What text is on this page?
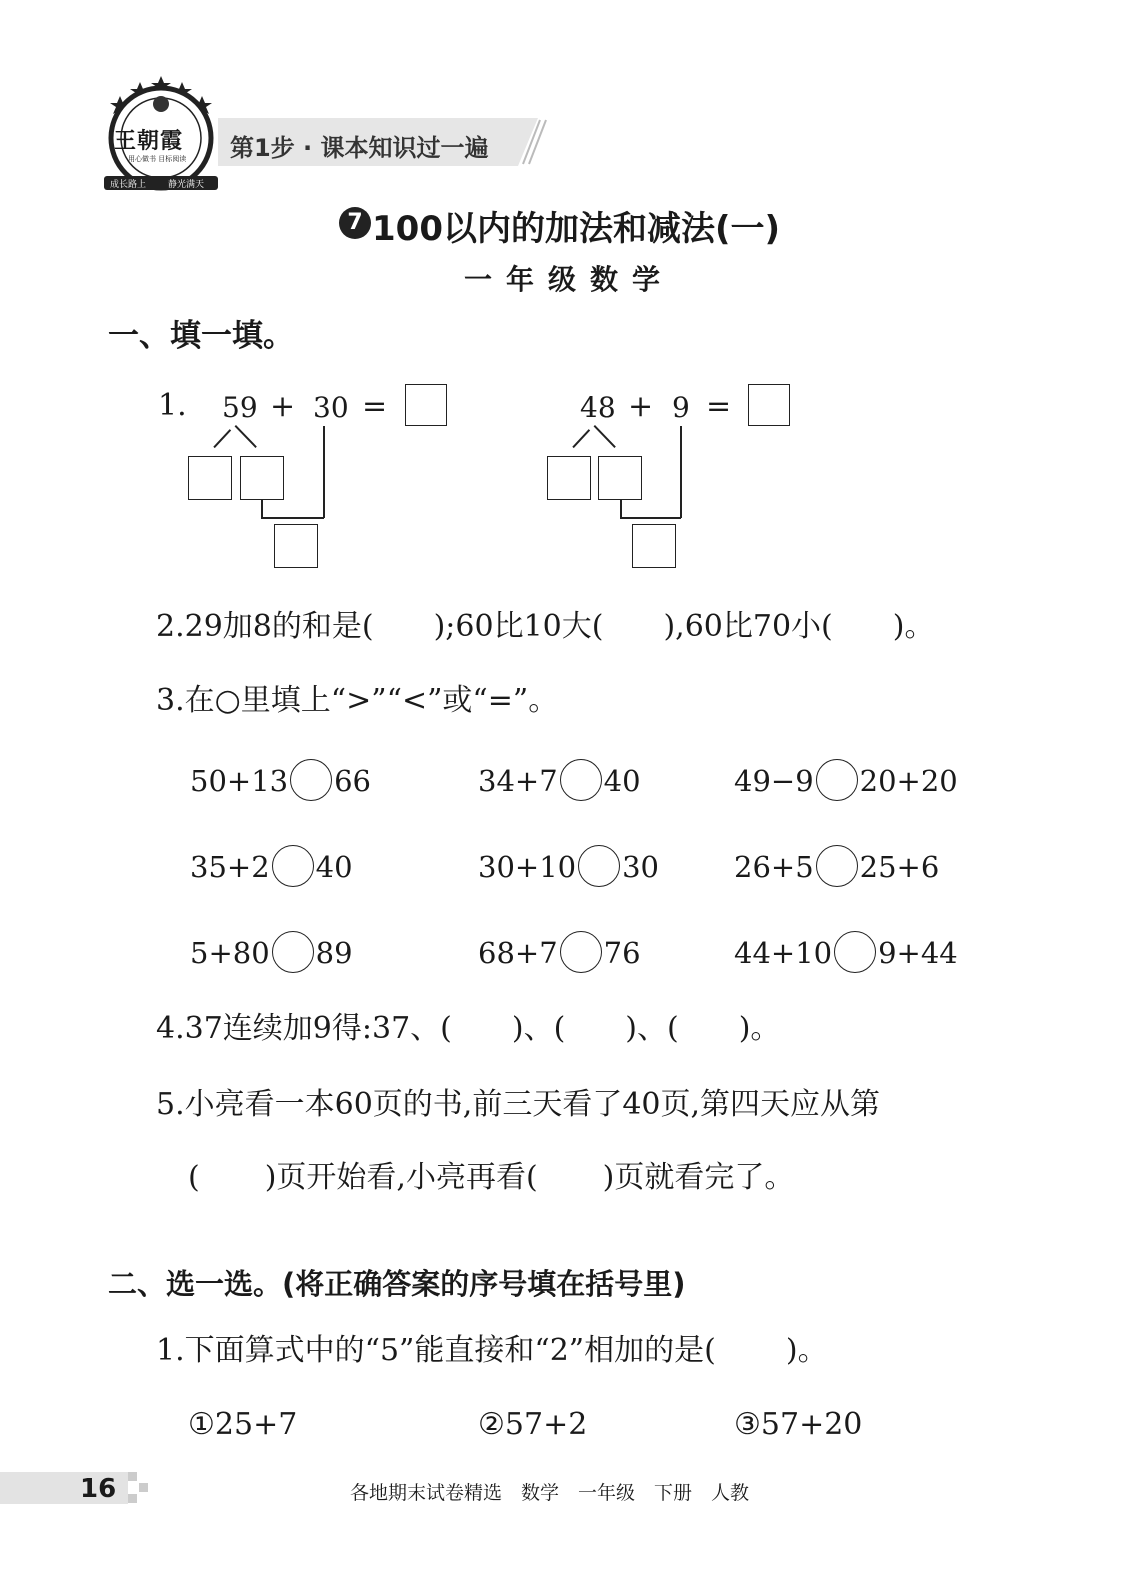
王朝霞
用心做书 目标阅读
成长路上 静光满天
第1步 · 课本知识过一遍
7 100以内的加法和减法(一)
一年级数学
一、填一填。
1. 59 + 30 =	48 + 9 =
2.29加8的和是( );60比10大( ),60比70小( )。
3.在○里填上“>”“<”或“=”。
50+13 66	34+7 40	49−9 20+20
35+2 40	30+10 30	26+5 25+6
5+80 89	68+7 76	44+10 9+44
4.37连续加9得:37、( )、( )、( )。
5.小亮看一本60页的书,前三天看了40页,第四天应从第
( )页开始看,小亮再看( )页就看完了。
二、选一选。(将正确答案的序号填在括号里)
1.下面算式中的“5”能直接和“2”相加的是( )。
①25+7	②57+2	③57+20
16	各地期末试卷精选　数学　一年级　下册　人教
